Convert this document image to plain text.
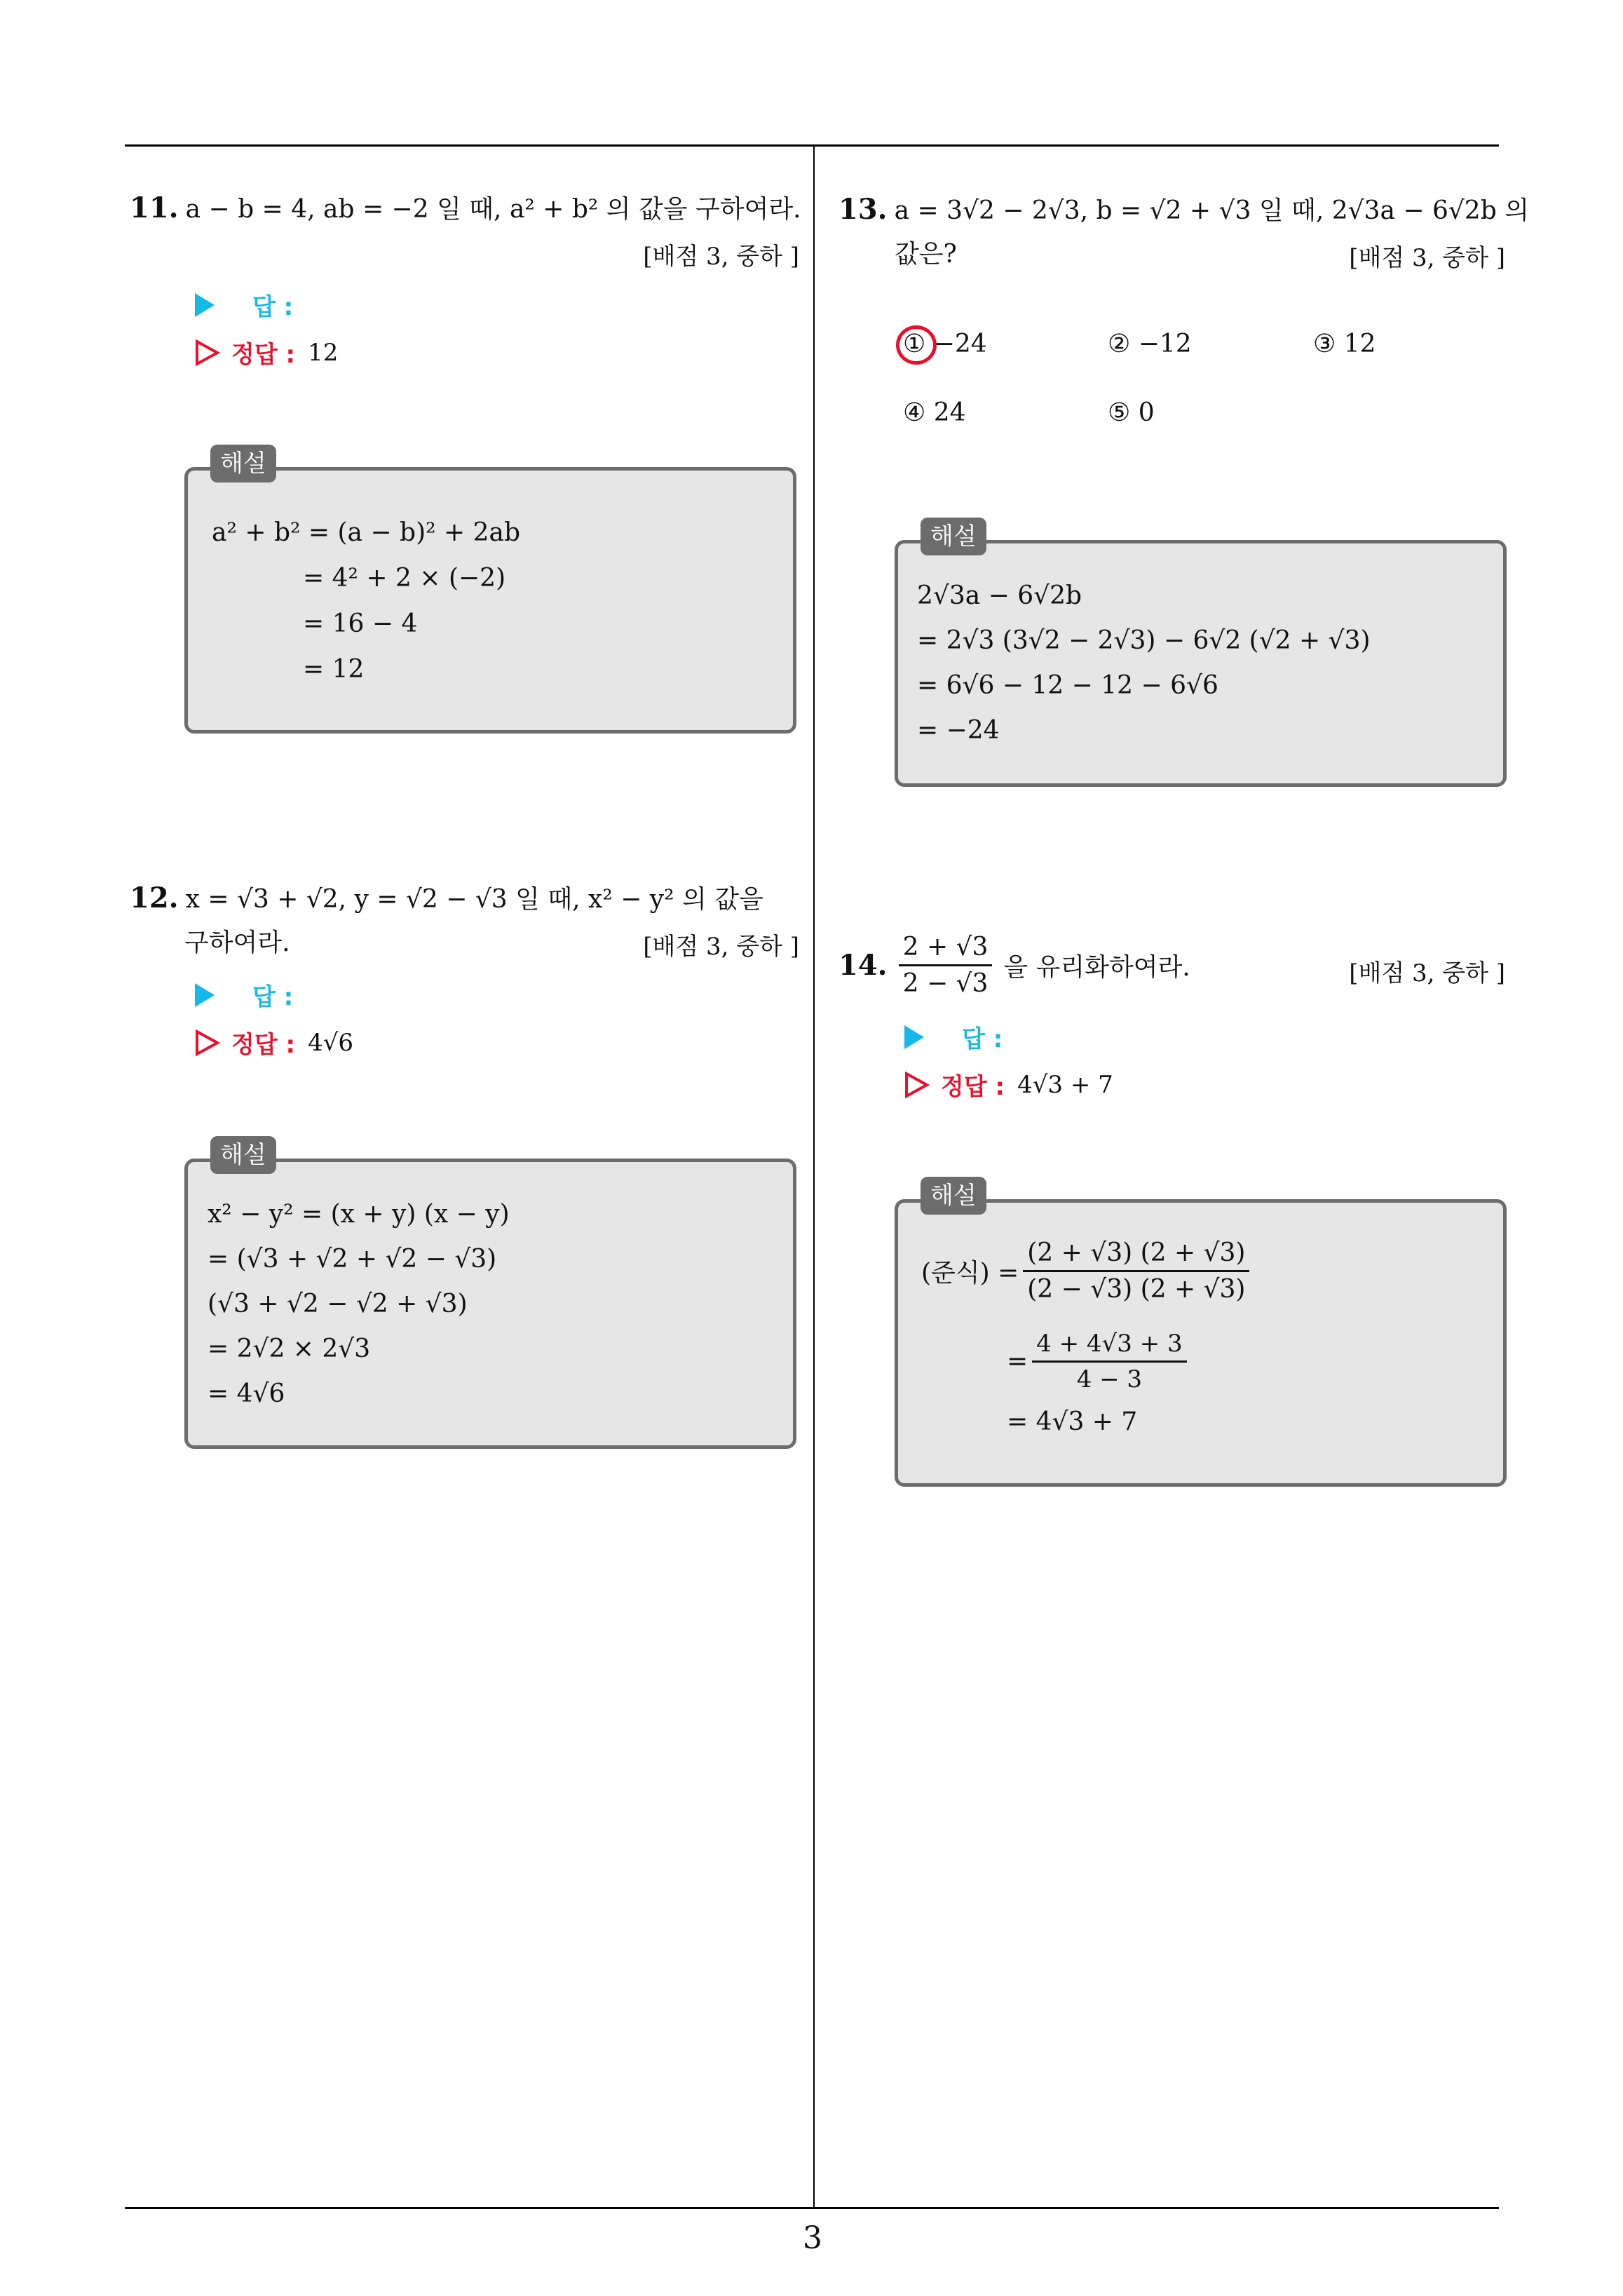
11. a − b = 4, ab = −2 일 때, a² + b² 의 값을 구하여라.
[배점 3, 중하 ]
답 :
정답 : 12
해설
a² + b² = (a − b)² + 2ab
= 4² + 2 × (−2)
= 16 − 4
= 12
12. x = √3 + √2, y = √2 − √3 일 때, x² − y² 의 값을
구하여라.	[배점 3, 중하 ]
답 :
정답 : 4√6
해설
x² − y² = (x + y) (x − y)
= (√3 + √2 + √2 − √3)
(√3 + √2 − √2 + √3)
= 2√2 × 2√3
= 4√6
13. a = 3√2 − 2√3, b = √2 + √3 일 때, 2√3a − 6√2b 의
값은?	[배점 3, 중하 ]
① −24	② −12	③ 12
④ 24	⑤ 0
해설
2√3a − 6√2b
= 2√3 (3√2 − 2√3) − 6√2 (√2 + √3)
= 6√6 − 12 − 12 − 6√6
= −24
14. $\frac{2 + √3}{2 - √3}$ 을 유리화하여라.	[배점 3, 중하 ]
답 :
정답 : 4√3 + 7
해설
(준식) = $\frac{(2 + √3) (2 + √3)}{(2 - √3) (2 + √3)}$
= $\frac{4 + 4√3 + 3}{4 - 3}$
= 4√3 + 7
3
